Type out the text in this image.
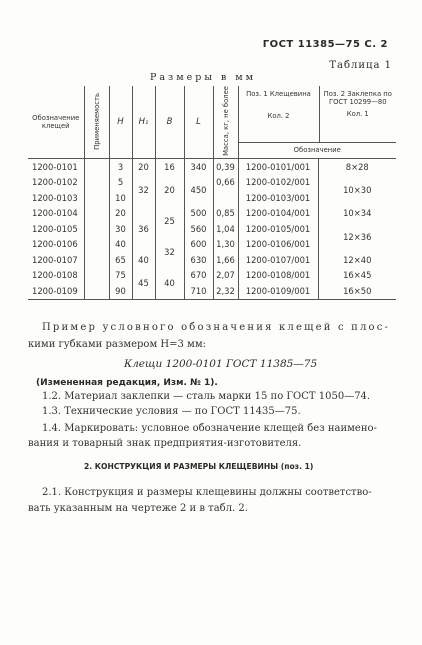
ГОСТ 11385—75 С. 2
Таблица 1
Размеры в мм
Обозначение клещей	Применяемость	H	H₁	B	L	Масса, кг, не более	Поз. 1 Клещевина
Кол. 2
Поз. 2 Заклепка по ГОСТ 10299—80
Кол. 1
Обозначение	

1200-0101		3	20	16	340	0,39	1200-0101/001	8×28
1200-0102		5	32	20	450	0,66	1200-0102/001	10×30
1200-0103		10					1200-0103/001	
1200-0104		20	36	25	500	0,85	1200-0104/001	10×34
1200-0105		30			560	1,04	1200-0105/001	12×36
1200-0106		40		32	600	1,30	1200-0106/001	
1200-0107		65	40		630	1,66	1200-0107/001	12×40
1200-0108		75	45	40	670	2,07	1200-0108/001	16×45
1200-0109		90			710	2,32	1200-0109/001	16×50
Пример условного обозначения клещей с плос-
кими губками размером H=3 мм:
Клещи 1200-0101 ГОСТ 11385—75
(Измененная редакция, Изм. № 1).
1.2. Материал заклепки — сталь марки 15 по ГОСТ 1050—74.
1.3. Технические условия — по ГОСТ 11435—75.
1.4. Маркировать: условное обозначение клещей без наимено-
вания и товарный знак предприятия-изготовителя.
2. КОНСТРУКЦИЯ И РАЗМЕРЫ КЛЕЩЕВИНЫ (поз. 1)
2.1. Конструкция и размеры клещевины должны соответство-
вать указанным на чертеже 2 и в табл. 2.
